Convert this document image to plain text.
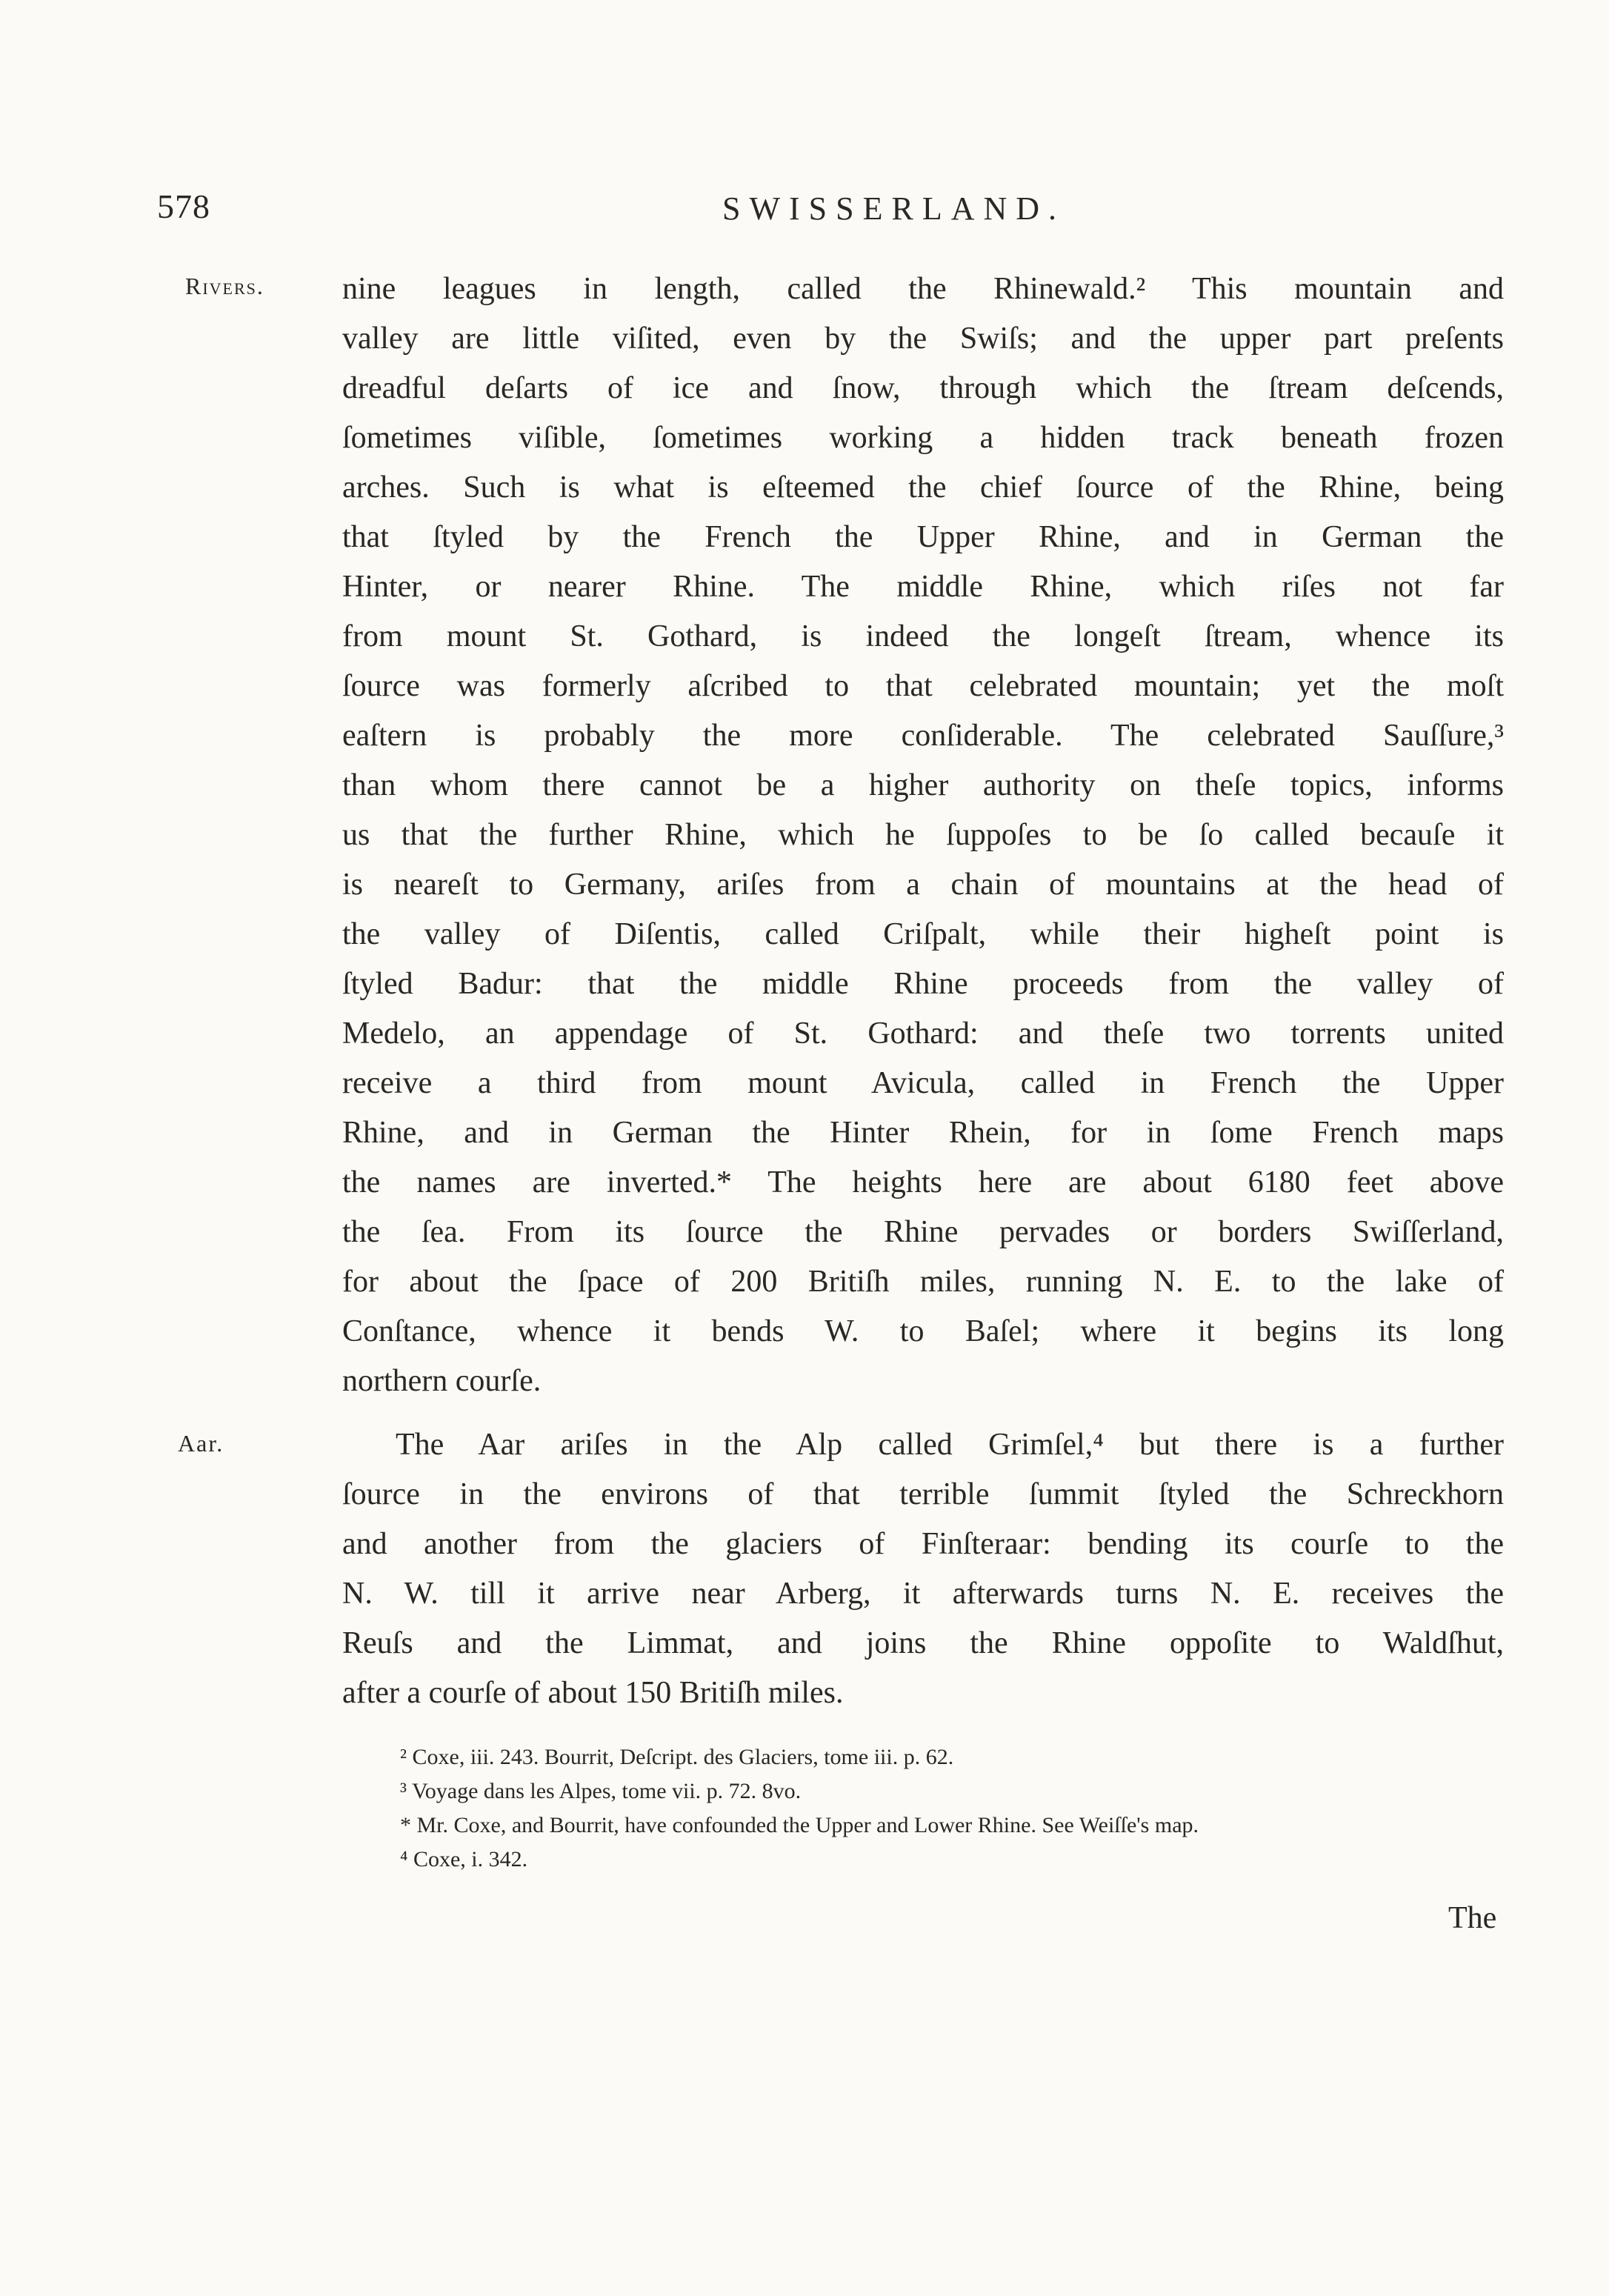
578	SWISSERLAND.
Rivers.
Aar.
nine leagues in length, called the Rhinewald.² This mountain and
valley are little viſited, even by the Swiſs; and the upper part preſents
dreadful deſarts of ice and ſnow, through which the ſtream deſcends,
ſometimes viſible, ſometimes working a hidden track beneath frozen
arches. Such is what is eſteemed the chief ſource of the Rhine, being
that ſtyled by the French the Upper Rhine, and in German the
Hinter, or nearer Rhine. The middle Rhine, which riſes not far
from mount St. Gothard, is indeed the longeſt ſtream, whence its
ſource was formerly aſcribed to that celebrated mountain; yet the moſt
eaſtern is probably the more conſiderable. The celebrated Sauſſure,³
than whom there cannot be a higher authority on theſe topics, informs
us that the further Rhine, which he ſuppoſes to be ſo called becauſe it
is neareſt to Germany, ariſes from a chain of mountains at the head of
the valley of Diſentis, called Criſpalt, while their higheſt point is
ſtyled Badur: that the middle Rhine proceeds from the valley of
Medelo, an appendage of St. Gothard: and theſe two torrents united
receive a third from mount Avicula, called in French the Upper
Rhine, and in German the Hinter Rhein, for in ſome French maps
the names are inverted.* The heights here are about 6180 feet above
the ſea. From its ſource the Rhine pervades or borders Swiſſerland,
for about the ſpace of 200 Britiſh miles, running N. E. to the lake of
Conſtance, whence it bends W. to Baſel; where it begins its long
northern courſe.
The Aar ariſes in the Alp called Grimſel,⁴ but there is a further
ſource in the environs of that terrible ſummit ſtyled the Schreckhorn
and another from the glaciers of Finſteraar: bending its courſe to the
N. W. till it arrive near Arberg, it afterwards turns N. E. receives the
Reuſs and the Limmat, and joins the Rhine oppoſite to Waldſhut,
after a courſe of about 150 Britiſh miles.
² Coxe, iii. 243. Bourrit, Deſcript. des Glaciers, tome iii. p. 62.
³ Voyage dans les Alpes, tome vii. p. 72. 8vo.
* Mr. Coxe, and Bourrit, have confounded the Upper and Lower Rhine. See Weiſſe's map.
⁴ Coxe, i. 342.
The
